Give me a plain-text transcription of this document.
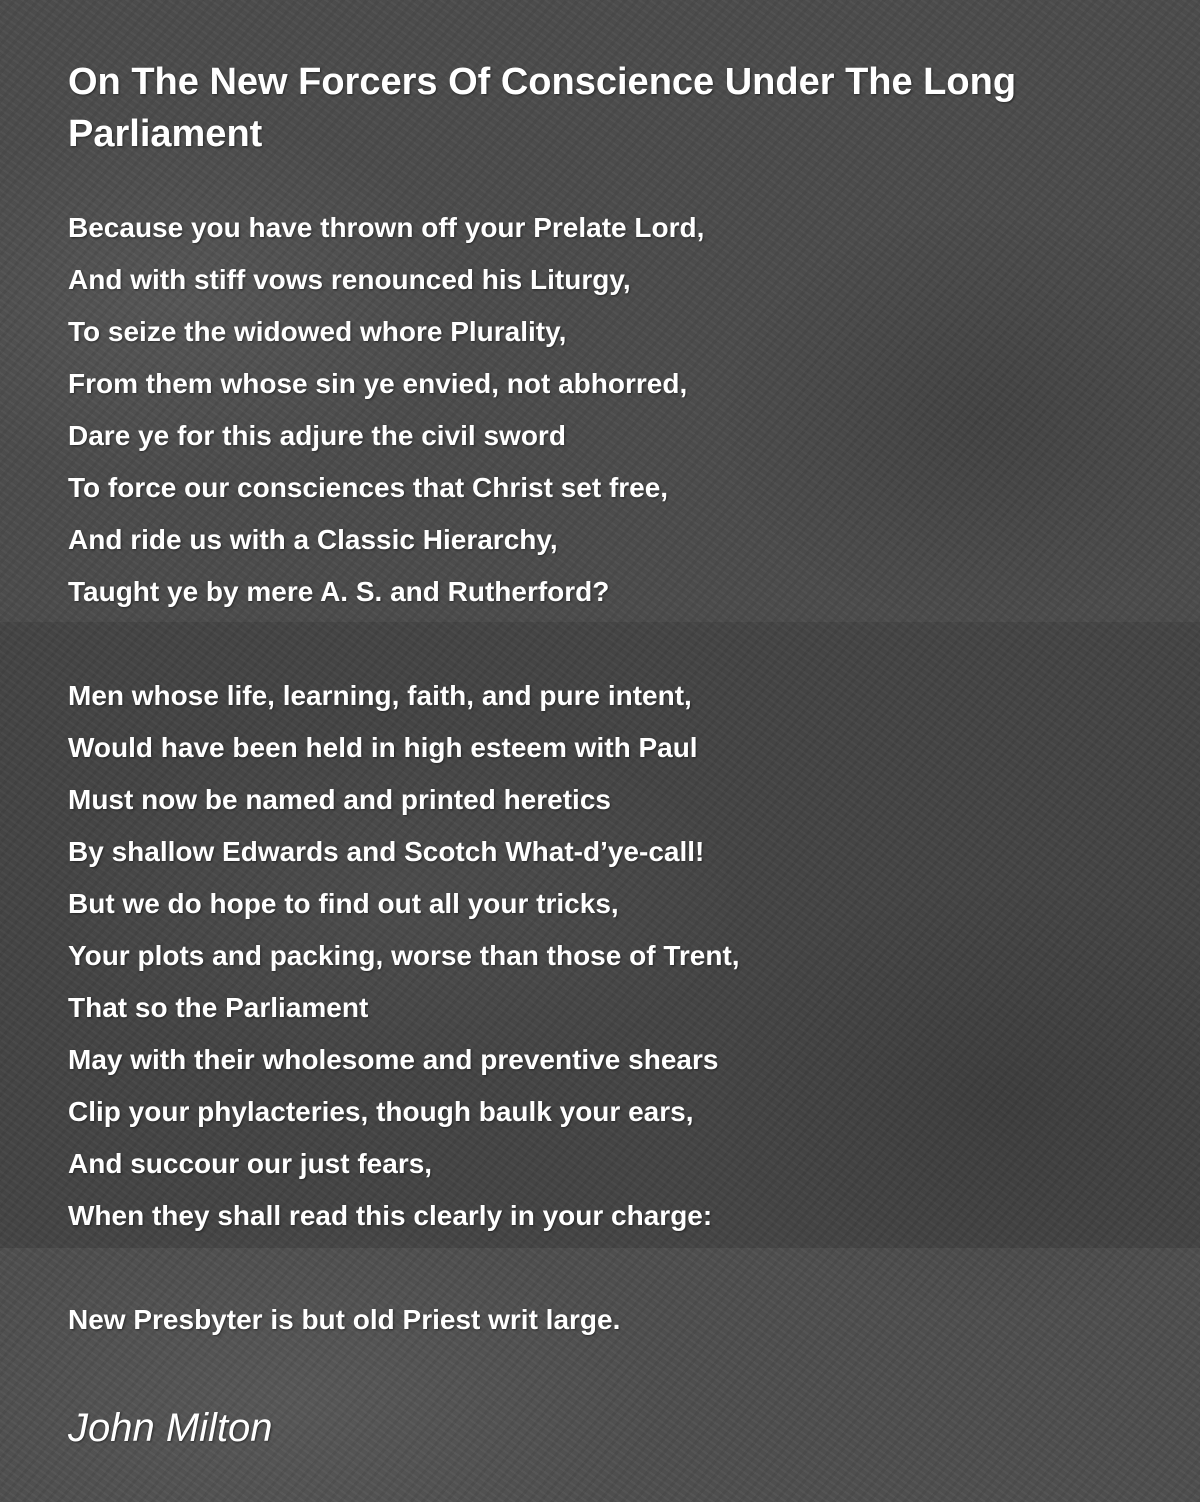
On The New Forcers Of Conscience Under The Long Parliament
Because you have thrown off your Prelate Lord,
And with stiff vows renounced his Liturgy,
To seize the widowed whore Plurality,
From them whose sin ye envied, not abhorred,
Dare ye for this adjure the civil sword
To force our consciences that Christ set free,
And ride us with a Classic Hierarchy,
Taught ye by mere A. S. and Rutherford?
Men whose life, learning, faith, and pure intent,
Would have been held in high esteem with Paul
Must now be named and printed heretics
By shallow Edwards and Scotch What-d’ye-call!
But we do hope to find out all your tricks,
Your plots and packing, worse than those of Trent,
That so the Parliament
May with their wholesome and preventive shears
Clip your phylacteries, though baulk your ears,
And succour our just fears,
When they shall read this clearly in your charge:
New Presbyter is but old Priest writ large.

John Milton
